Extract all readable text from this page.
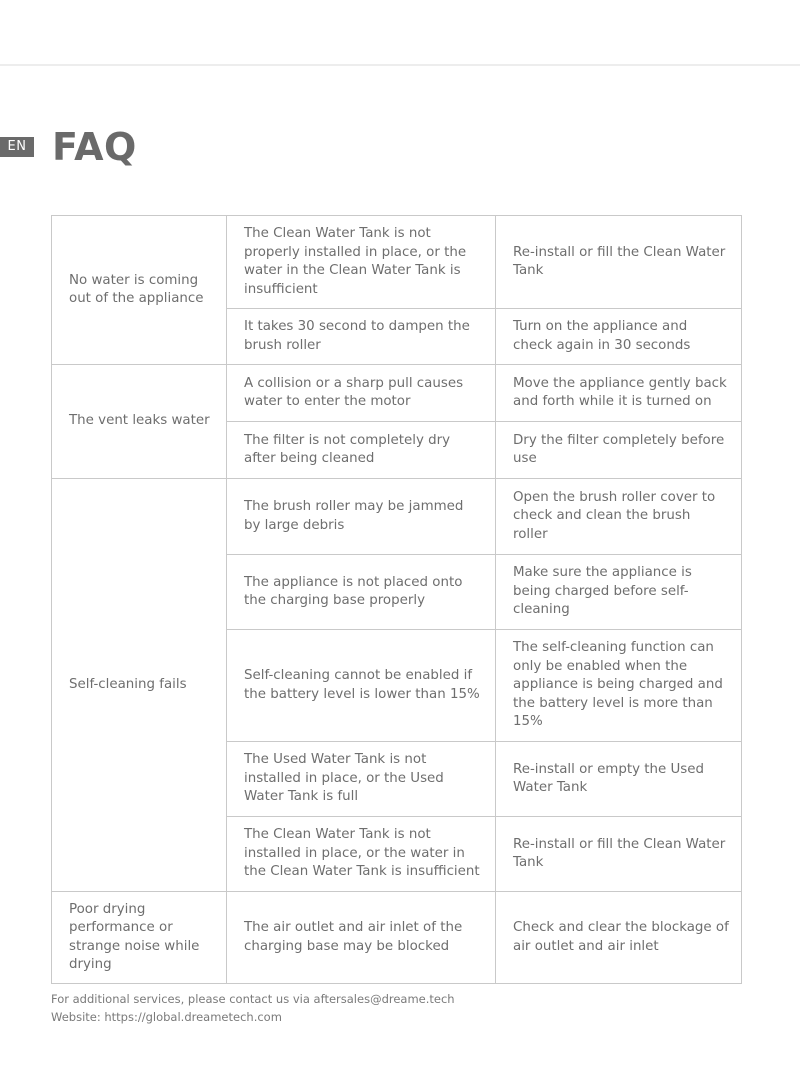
EN FAQ
No water is coming out of the appliance	The Clean Water Tank is not properly installed in place, or the water in the Clean Water Tank is insufficient	Re-install or fill the Clean Water Tank
	It takes 30 second to dampen the brush roller	Turn on the appliance and check again in 30 seconds
The vent leaks water	A collision or a sharp pull causes water to enter the motor	Move the appliance gently back and forth while it is turned on
	The filter is not completely dry after being cleaned	Dry the filter completely before use
Self-cleaning fails	The brush roller may be jammed by large debris	Open the brush roller cover to check and clean the brush roller
	The appliance is not placed onto the charging base properly	Make sure the appliance is being charged before self-cleaning
	Self-cleaning cannot be enabled if the battery level is lower than 15%	The self-cleaning function can only be enabled when the appliance is being charged and the battery level is more than 15%
	The Used Water Tank is not installed in place, or the Used Water Tank is full	Re-install or empty the Used Water Tank
	The Clean Water Tank is not installed in place, or the water in the Clean Water Tank is insufficient	Re-install or fill the Clean Water Tank
Poor drying performance or strange noise while drying	The air outlet and air inlet of the charging base may be blocked	Check and clear the blockage of air outlet and air inlet
For additional services, please contact us via aftersales@dreame.tech
Website: https://global.dreametech.com
